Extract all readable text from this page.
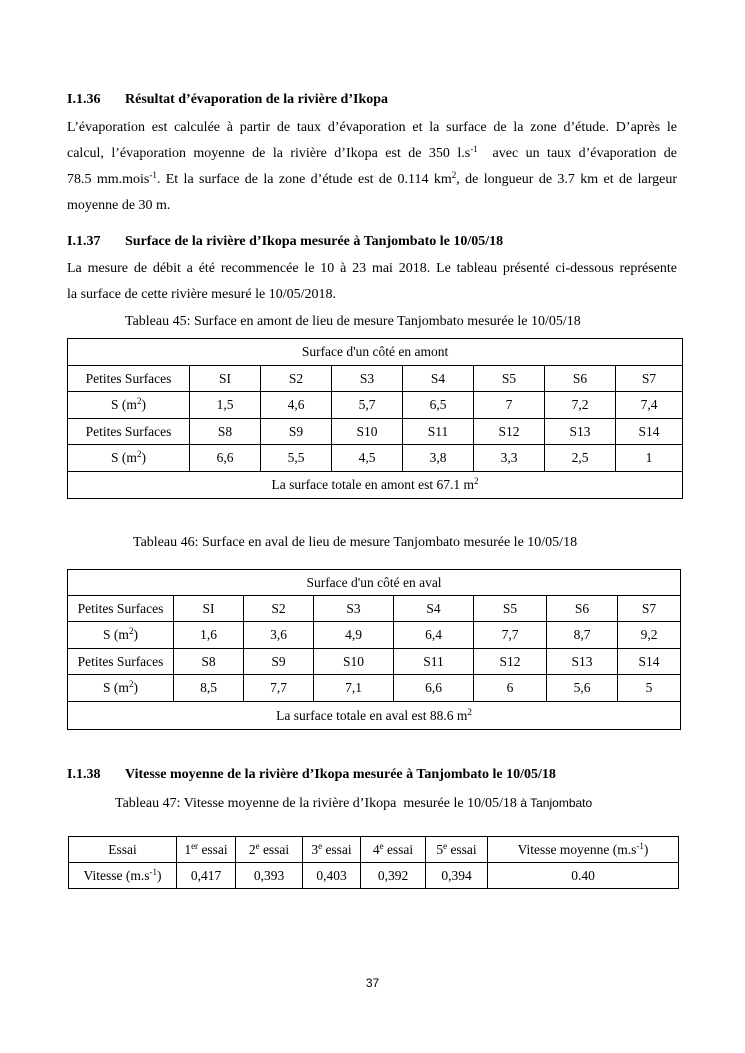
I.1.36 Résultat d’évaporation de la rivière d’Ikopa
L’évaporation est calculée à partir de taux d’évaporation et la surface de la zone d’étude. D’après le
calcul, l’évaporation moyenne de la rivière d’Ikopa est de 350 $l.s^{-1}$  avec un taux d’évaporation de
78.5 mm.mois$^{-1}$. Et la surface de la zone d’étude est de 0.114 $km^2$, de longueur de 3.7 km et de largeur
moyenne de 30 m.
I.1.37 Surface de la rivière d’Ikopa mesurée à Tanjombato le 10/05/18
La mesure de débit a été recommencée le 10 à 23 mai 2018. Le tableau présenté ci-dessous représente
la surface de cette rivière mesuré le 10/05/2018.
Tableau 45: Surface en amont de lieu de mesure Tanjombato mesurée le 10/05/18
Surface d'un côté en amont							
Petites Surfaces	SI	S2	S3	S4	S5	S6	S7
S $(m^2)$	1,5	4,6	5,7	6,5	7	7,2	7,4
Petites Surfaces	S8	S9	S10	S11	S12	S13	S14
S $(m^2)$	6,6	5,5	4,5	3,8	3,3	2,5	1
La surface totale en amont est 67.1 $m^2$
Tableau 46: Surface en aval de lieu de mesure Tanjombato mesurée le 10/05/18
Surface d'un côté en aval							
Petites Surfaces	SI	S2	S3	S4	S5	S6	S7
S $(m^2)$	1,6	3,6	4,9	6,4	7,7	8,7	9,2
Petites Surfaces	S8	S9	S10	S11	S12	S13	S14
S $(m^2)$	8,5	7,7	7,1	6,6	6	5,6	5
La surface totale en aval est 88.6 $m^2$
I.1.38 Vitesse moyenne de la rivière d’Ikopa mesurée à Tanjombato le 10/05/18
Tableau 47: Vitesse moyenne de la rivière d’Ikopa  mesurée le 10/05/18 à Tanjombato
Essai	1er essai	2e essai	3e essai	4e essai	5e essai	Vitesse moyenne $(m.s^{-1})$
Vitesse $(m.s^{-1})$	0,417	0,393	0,403	0,392	0,394	0.40
37
